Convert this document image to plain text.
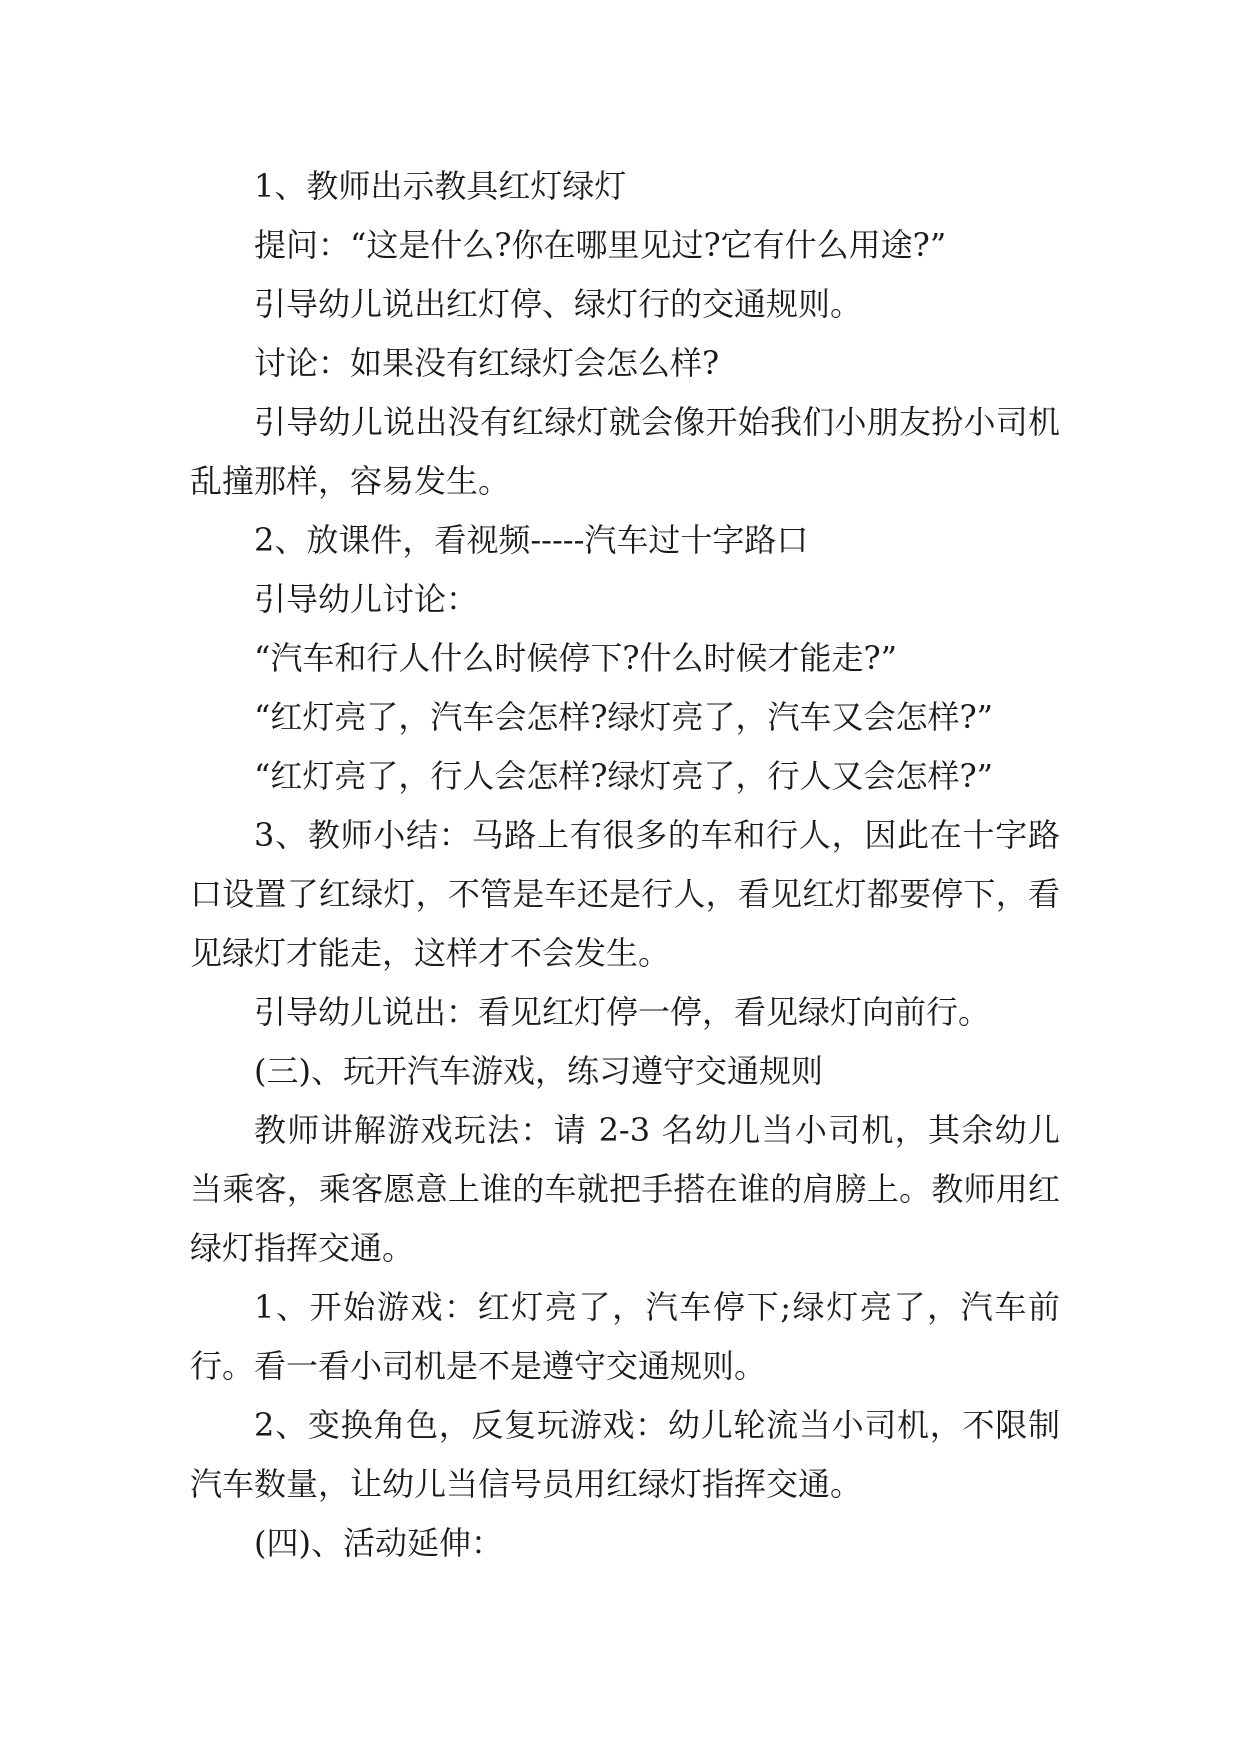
1、教师出示教具红灯绿灯

提问：“这是什么?你在哪里见过?它有什么用途?”

引导幼儿说出红灯停、绿灯行的交通规则。

讨论：如果没有红绿灯会怎么样?

引导幼儿说出没有红绿灯就会像开始我们小朋友扮小司机乱撞那样，容易发生。

2、放课件，看视频-----汽车过十字路口

引导幼儿讨论：

“汽车和行人什么时候停下?什么时候才能走?”

“红灯亮了，汽车会怎样?绿灯亮了，汽车又会怎样?”

“红灯亮了，行人会怎样?绿灯亮了，行人又会怎样?”

3、教师小结：马路上有很多的车和行人，因此在十字路口设置了红绿灯，不管是车还是行人，看见红灯都要停下，看见绿灯才能走，这样才不会发生。

引导幼儿说出：看见红灯停一停，看见绿灯向前行。

(三)、玩开汽车游戏，练习遵守交通规则

教师讲解游戏玩法：请 2-3 名幼儿当小司机，其余幼儿当乘客，乘客愿意上谁的车就把手搭在谁的肩膀上。教师用红绿灯指挥交通。

1、开始游戏：红灯亮了，汽车停下;绿灯亮了，汽车前行。看一看小司机是不是遵守交通规则。

2、变换角色，反复玩游戏：幼儿轮流当小司机，不限制汽车数量，让幼儿当信号员用红绿灯指挥交通。

(四)、活动延伸：
